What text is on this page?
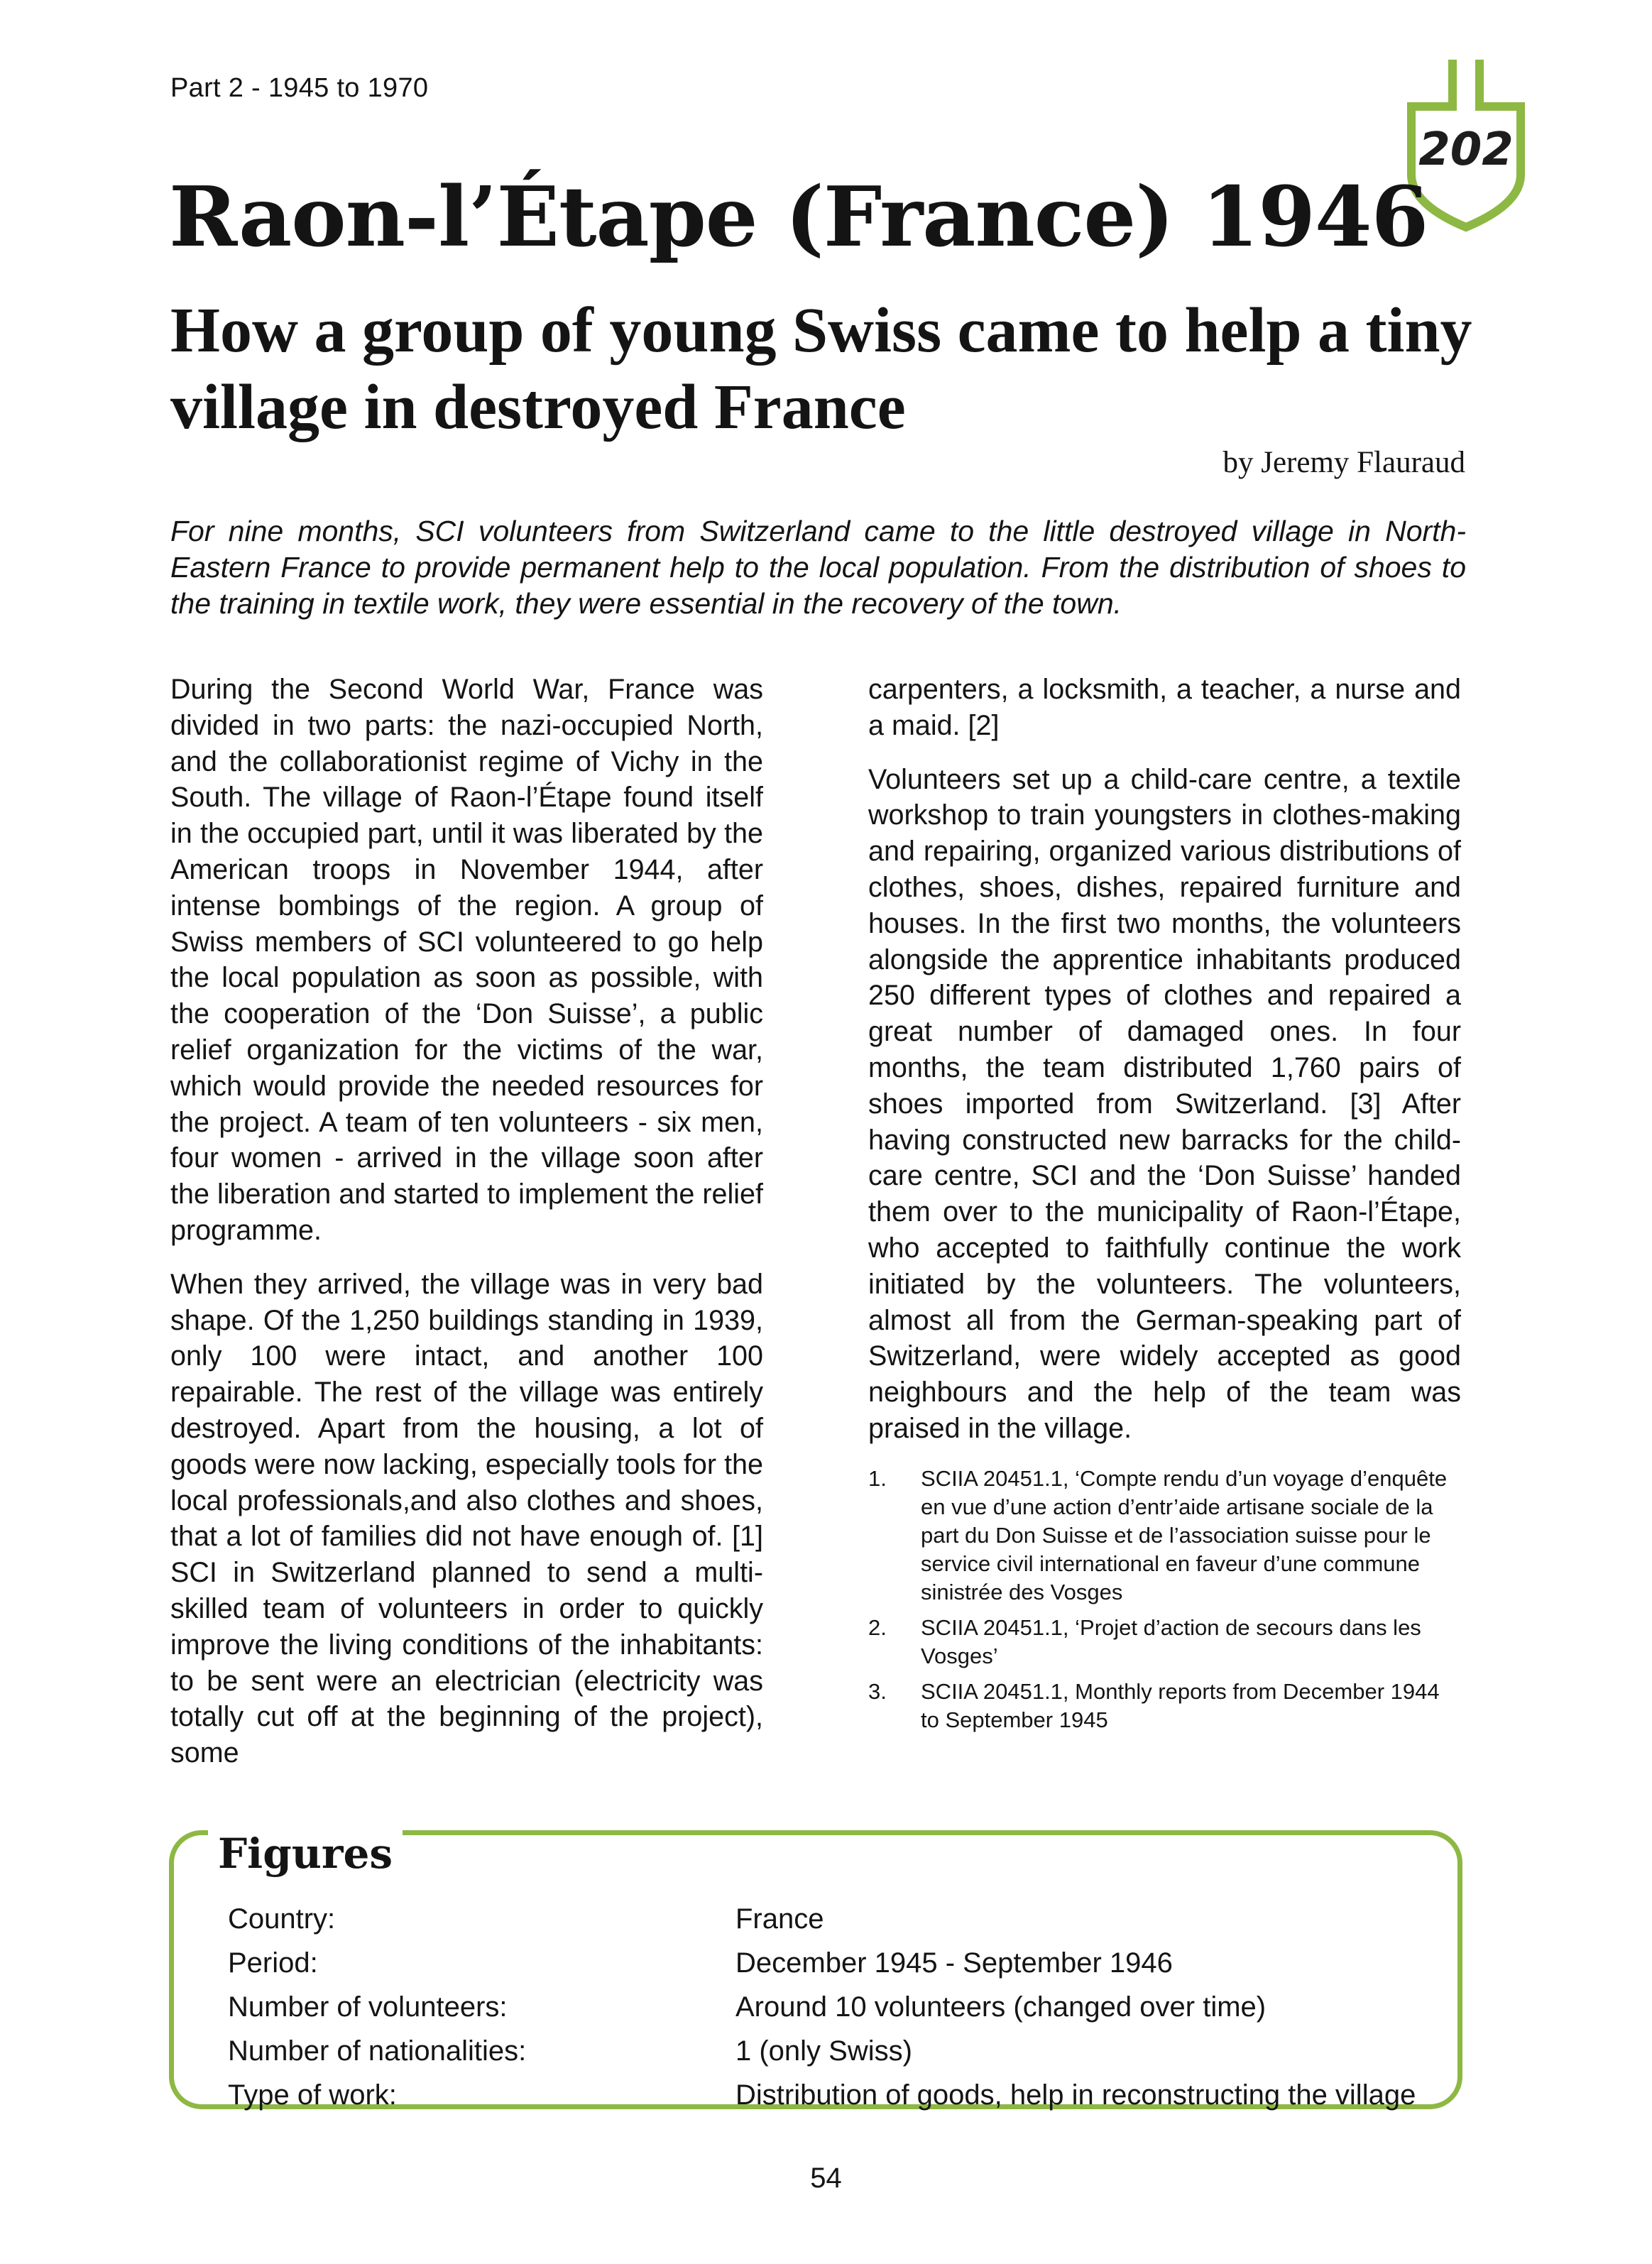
Part 2 - 1945 to 1970
202
Raon-l’Étape (France) 1946
How a group of young Swiss came to help a tiny village in destroyed France
by Jeremy Flauraud

For nine months, SCI volunteers from Switzerland came to the little destroyed village in North-Eastern France to provide permanent help to the local population. From the distribution of shoes to the training in textile work, they were essential in the recovery of the town.

During the Second World War, France was divided in two parts: the nazi-occupied North, and the collaborationist regime of Vichy in the South. The village of Raon-l’Étape found itself in the occupied part, until it was liberated by the American troops in November 1944, after intense bombings of the region. A group of Swiss members of SCI volunteered to go help the local population as soon as possible, with the cooperation of the ‘Don Suisse’, a public relief organization for the victims of the war, which would provide the needed resources for the project. A team of ten volunteers - six men, four women - arrived in the village soon after the liberation and started to implement the relief programme.

When they arrived, the village was in very bad shape. Of the 1,250 buildings standing in 1939, only 100 were intact, and another 100 repairable. The rest of the village was entirely destroyed. Apart from the housing, a lot of goods were now lacking, especially tools for the local professionals,and also clothes and shoes, that a lot of families did not have enough of. [1] SCI in Switzerland planned to send a multi-skilled team of volunteers in order to quickly improve the living conditions of the inhabitants: to be sent were an electrician (electricity was totally cut off at the beginning of the project), some

carpenters, a locksmith, a teacher, a nurse and a maid. [2]

Volunteers set up a child-care centre, a textile workshop to train youngsters in clothes-making and repairing, organized various distributions of clothes, shoes, dishes, repaired furniture and houses. In the first two months, the volunteers alongside the apprentice inhabitants produced 250 different types of clothes and repaired a great number of damaged ones. In four months, the team distributed 1,760 pairs of shoes imported from Switzerland. [3] After having constructed new barracks for the child-care centre, SCI and the ‘Don Suisse’ handed them over to the municipality of Raon-l’Étape, who accepted to faithfully continue the work initiated by the volunteers. The volunteers, almost all from the German-speaking part of Switzerland, were widely accepted as good neighbours and the help of the team was praised in the village.

1. SCIIA 20451.1, ‘Compte rendu d’un voyage d’enquête en vue d’une action d’entr’aide artisane sociale de la part du Don Suisse et de l’association suisse pour le service civil international en faveur d’une commune sinistrée des Vosges
2. SCIIA 20451.1, ‘Projet d’action de secours dans les Vosges’
3. SCIIA 20451.1, Monthly reports from December 1944 to September 1945
Figures
Country:	France
Period:	December 1945 - September 1946
Number of volunteers:	Around 10 volunteers (changed over time)
Number of nationalities:	1 (only Swiss)
Type of work:	Distribution of goods, help in reconstructing the village
54
